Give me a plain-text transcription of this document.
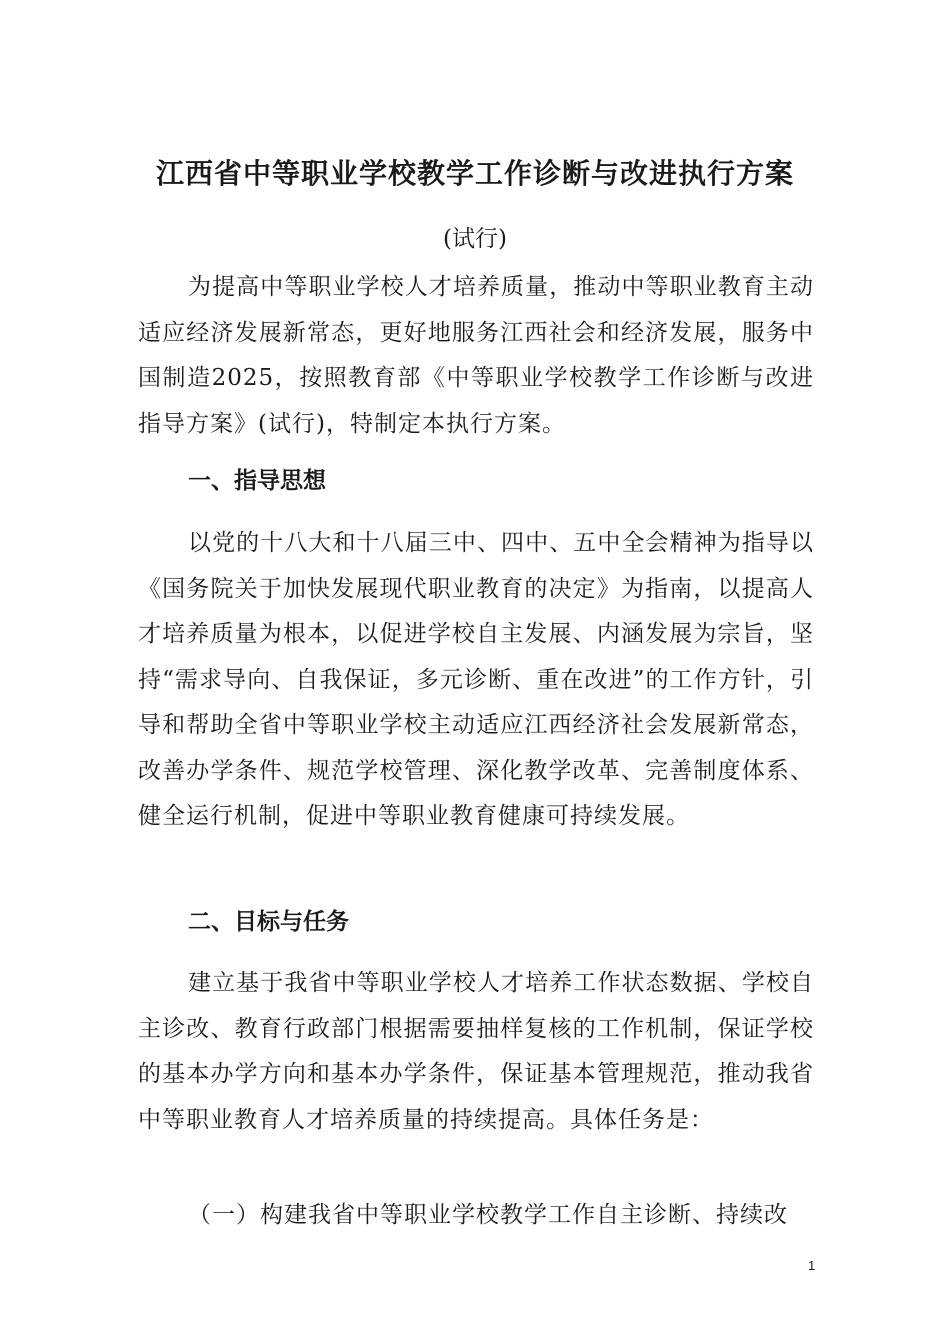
江西省中等职业学校教学工作诊断与改进执行方案

(试行)

为提高中等职业学校人才培养质量，推动中等职业教育主动适应经济发展新常态，更好地服务江西社会和经济发展，服务中国制造2025，按照教育部《中等职业学校教学工作诊断与改进指导方案》(试行)，特制定本执行方案。

一、指导思想

以党的十八大和十八届三中、四中、五中全会精神为指导以《国务院关于加快发展现代职业教育的决定》为指南，以提高人才培养质量为根本，以促进学校自主发展、内涵发展为宗旨，坚持“需求导向、自我保证，多元诊断、重在改进”的工作方针，引导和帮助全省中等职业学校主动适应江西经济社会发展新常态，改善办学条件、规范学校管理、深化教学改革、完善制度体系、健全运行机制，促进中等职业教育健康可持续发展。

二、目标与任务

建立基于我省中等职业学校人才培养工作状态数据、学校自主诊改、教育行政部门根据需要抽样复核的工作机制，保证学校的基本办学方向和基本办学条件，保证基本管理规范，推动我省中等职业教育人才培养质量的持续提高。具体任务是：

（一）构建我省中等职业学校教学工作自主诊断、持续改

1
